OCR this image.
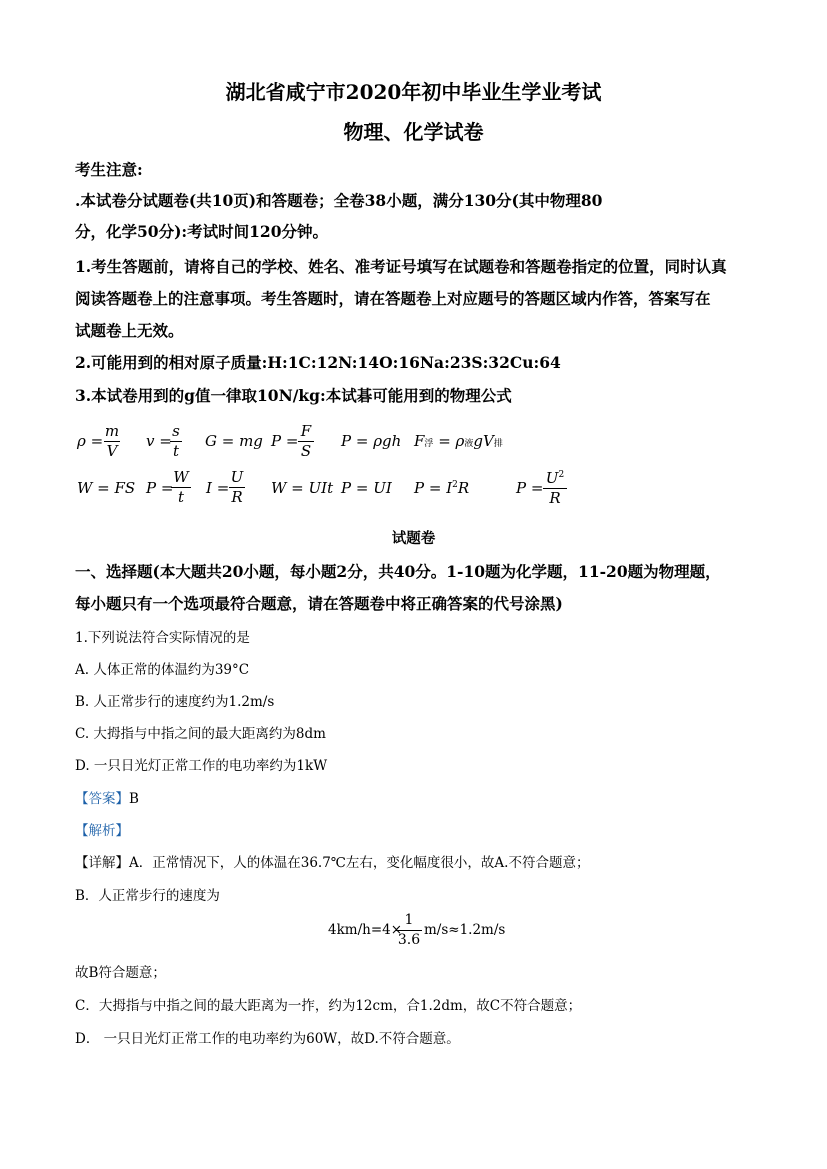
湖北省咸宁市2020年初中毕业生学业考试
物理、化学试卷
考生注意:
.本试卷分试题卷(共10页)和答题卷；全卷38小题，满分130分(其中物理80
分，化学50分):考试时间120分钟。
1.考生答题前，请将自己的学校、姓名、准考证号填写在试题卷和答题卷指定的位置，同时认真
阅读答题卷上的注意事项。考生答题时，请在答题卷上对应题号的答题区域内作答，答案写在
试题卷上无效。
2.可能用到的相对原子质量:H:1C:12N:14O:16Na:23S:32Cu:64
3.本试卷用到的g值一律取10N/kg:本试碁可能用到的物理公式
ρ =
m
V
v =
s
t
G = mg P =
F
S
P = ρgh F浮 = ρ液gV排
W = FS P =
W
t	I =
U
R W = UIt P = UI $P = I^2R$	P =
$U^2$
R
试题卷
一、选择题(本大题共20小题，每小题2分，共40分。1-10题为化学题，11-20题为物理题，
每小题只有一个选项最符合题意，请在答题卷中将正确答案的代号涂黑)
1.下列说法符合实际情况的是
A. 人体正常的体温约为39°C
B. 人正常步行的速度约为1.2m/s
C. 大拇指与中指之间的最大距离约为8dm
D. 一只日光灯正常工作的电功率约为1kW
【答案】B
【解析】
【详解】A．正常情况下，人的体温在36.7℃左右，变化幅度很小，故A.不符合题意；
B．人正常步行的速度为
4km/h=4×
1
3.6
m/s≈1.2m/s
故B符合题意；
C．大拇指与中指之间的最大距离为一拃，约为12cm，合1.2dm，故C不符合题意；
D． 一只日光灯正常工作的电功率约为60W，故D.不符合题意。
